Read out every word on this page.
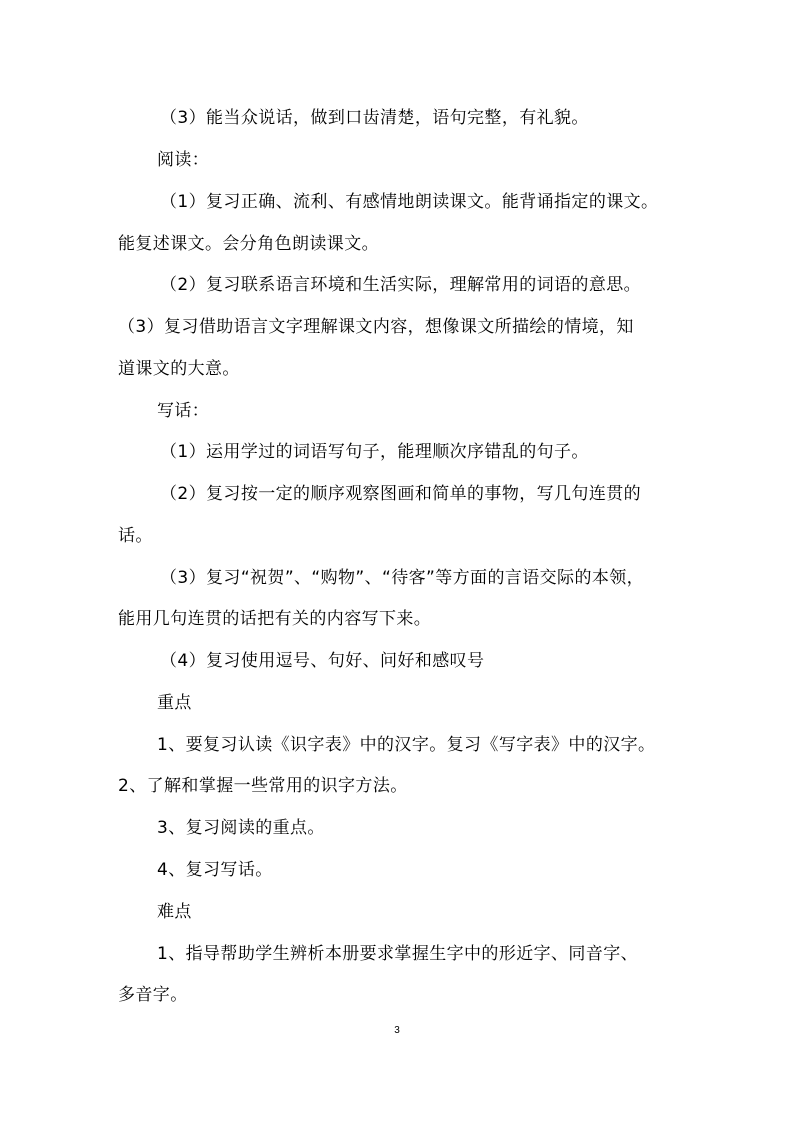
（3）能当众说话，做到口齿清楚，语句完整，有礼貌。
阅读：
（1）复习正确、流利、有感情地朗读课文。能背诵指定的课文。
能复述课文。会分角色朗读课文。
（2）复习联系语言环境和生活实际，理解常用的词语的意思。
（3）复习借助语言文字理解课文内容，想像课文所描绘的情境，知
道课文的大意。
写话：
（1）运用学过的词语写句子，能理顺次序错乱的句子。
（2）复习按一定的顺序观察图画和简单的事物，写几句连贯的
话。
（3）复习“祝贺”、“购物”、“待客”等方面的言语交际的本领，
能用几句连贯的话把有关的内容写下来。
（4）复习使用逗号、句好、问好和感叹号
重点
1、要复习认读《识字表》中的汉字。复习《写字表》中的汉字。
2、了解和掌握一些常用的识字方法。
3、复习阅读的重点。
4、复习写话。
难点
1、指导帮助学生辨析本册要求掌握生字中的形近字、同音字、
多音字。
3
